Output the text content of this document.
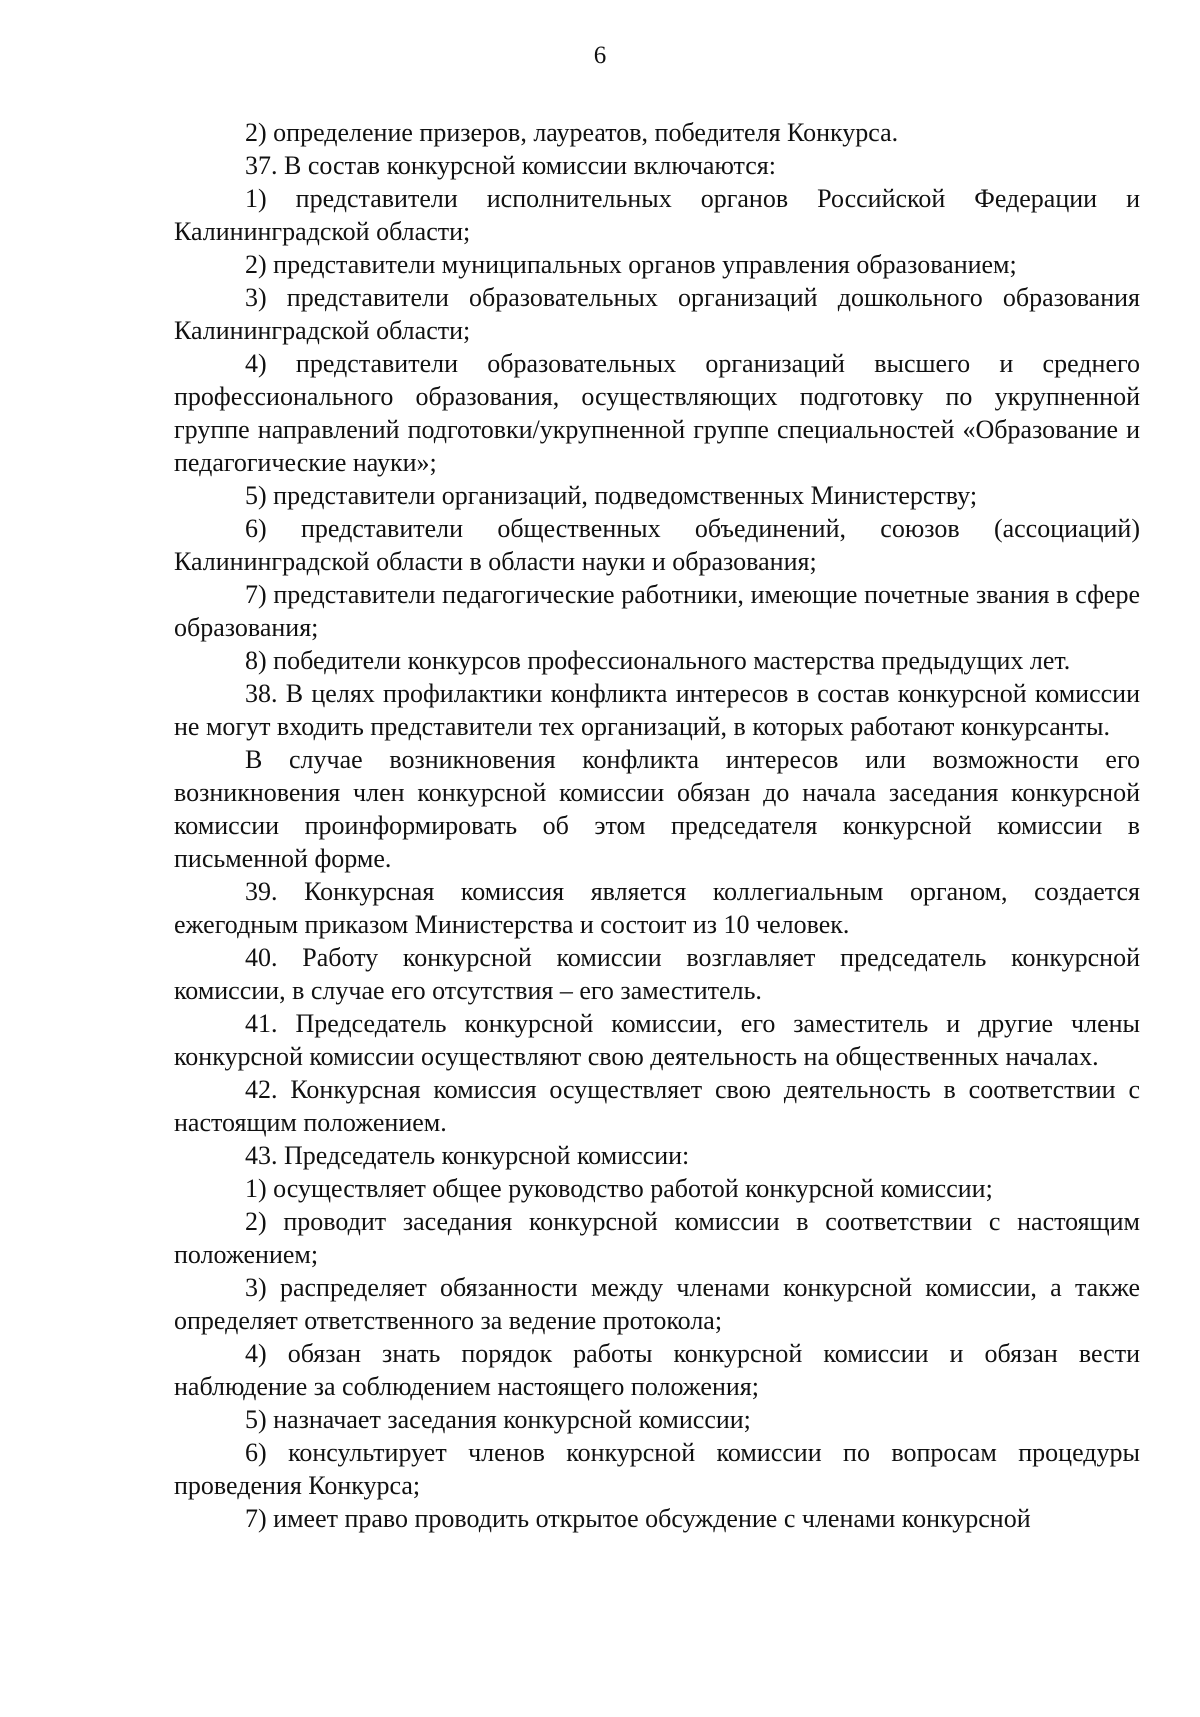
6

2) определение призеров, лауреатов, победителя Конкурса.

37. В состав конкурсной комиссии включаются:

1) представители исполнительных органов Российской Федерации и Калининградской области;

2) представители муниципальных органов управления образованием;

3) представители образовательных организаций дошкольного образования Калининградской области;

4) представители образовательных организаций высшего и среднего профессионального образования, осуществляющих подготовку по укрупненной группе направлений подготовки/укрупненной группе специальностей «Образование и педагогические науки»;

5) представители организаций, подведомственных Министерству;

6) представители общественных объединений, союзов (ассоциаций) Калининградской области в области науки и образования;

7) представители педагогические работники, имеющие почетные звания в сфере образования;

8) победители конкурсов профессионального мастерства предыдущих лет.

38. В целях профилактики конфликта интересов в состав конкурсной комиссии не могут входить представители тех организаций, в которых работают конкурсанты.

В случае возникновения конфликта интересов или возможности его возникновения член конкурсной комиссии обязан до начала заседания конкурсной комиссии проинформировать об этом председателя конкурсной комиссии в письменной форме.

39. Конкурсная комиссия является коллегиальным органом, создается ежегодным приказом Министерства и состоит из 10 человек.

40. Работу конкурсной комиссии возглавляет председатель конкурсной комиссии, в случае его отсутствия – его заместитель.

41. Председатель конкурсной комиссии, его заместитель и другие члены конкурсной комиссии осуществляют свою деятельность на общественных началах.

42. Конкурсная комиссия осуществляет свою деятельность в соответствии с настоящим положением.

43. Председатель конкурсной комиссии:

1) осуществляет общее руководство работой конкурсной комиссии;

2) проводит заседания конкурсной комиссии в соответствии с настоящим положением;

3) распределяет обязанности между членами конкурсной комиссии, а также определяет ответственного за ведение протокола;

4) обязан знать порядок работы конкурсной комиссии и обязан вести наблюдение за соблюдением настоящего положения;

5) назначает заседания конкурсной комиссии;

6) консультирует членов конкурсной комиссии по вопросам процедуры проведения Конкурса;

7) имеет право проводить открытое обсуждение с членами конкурсной
